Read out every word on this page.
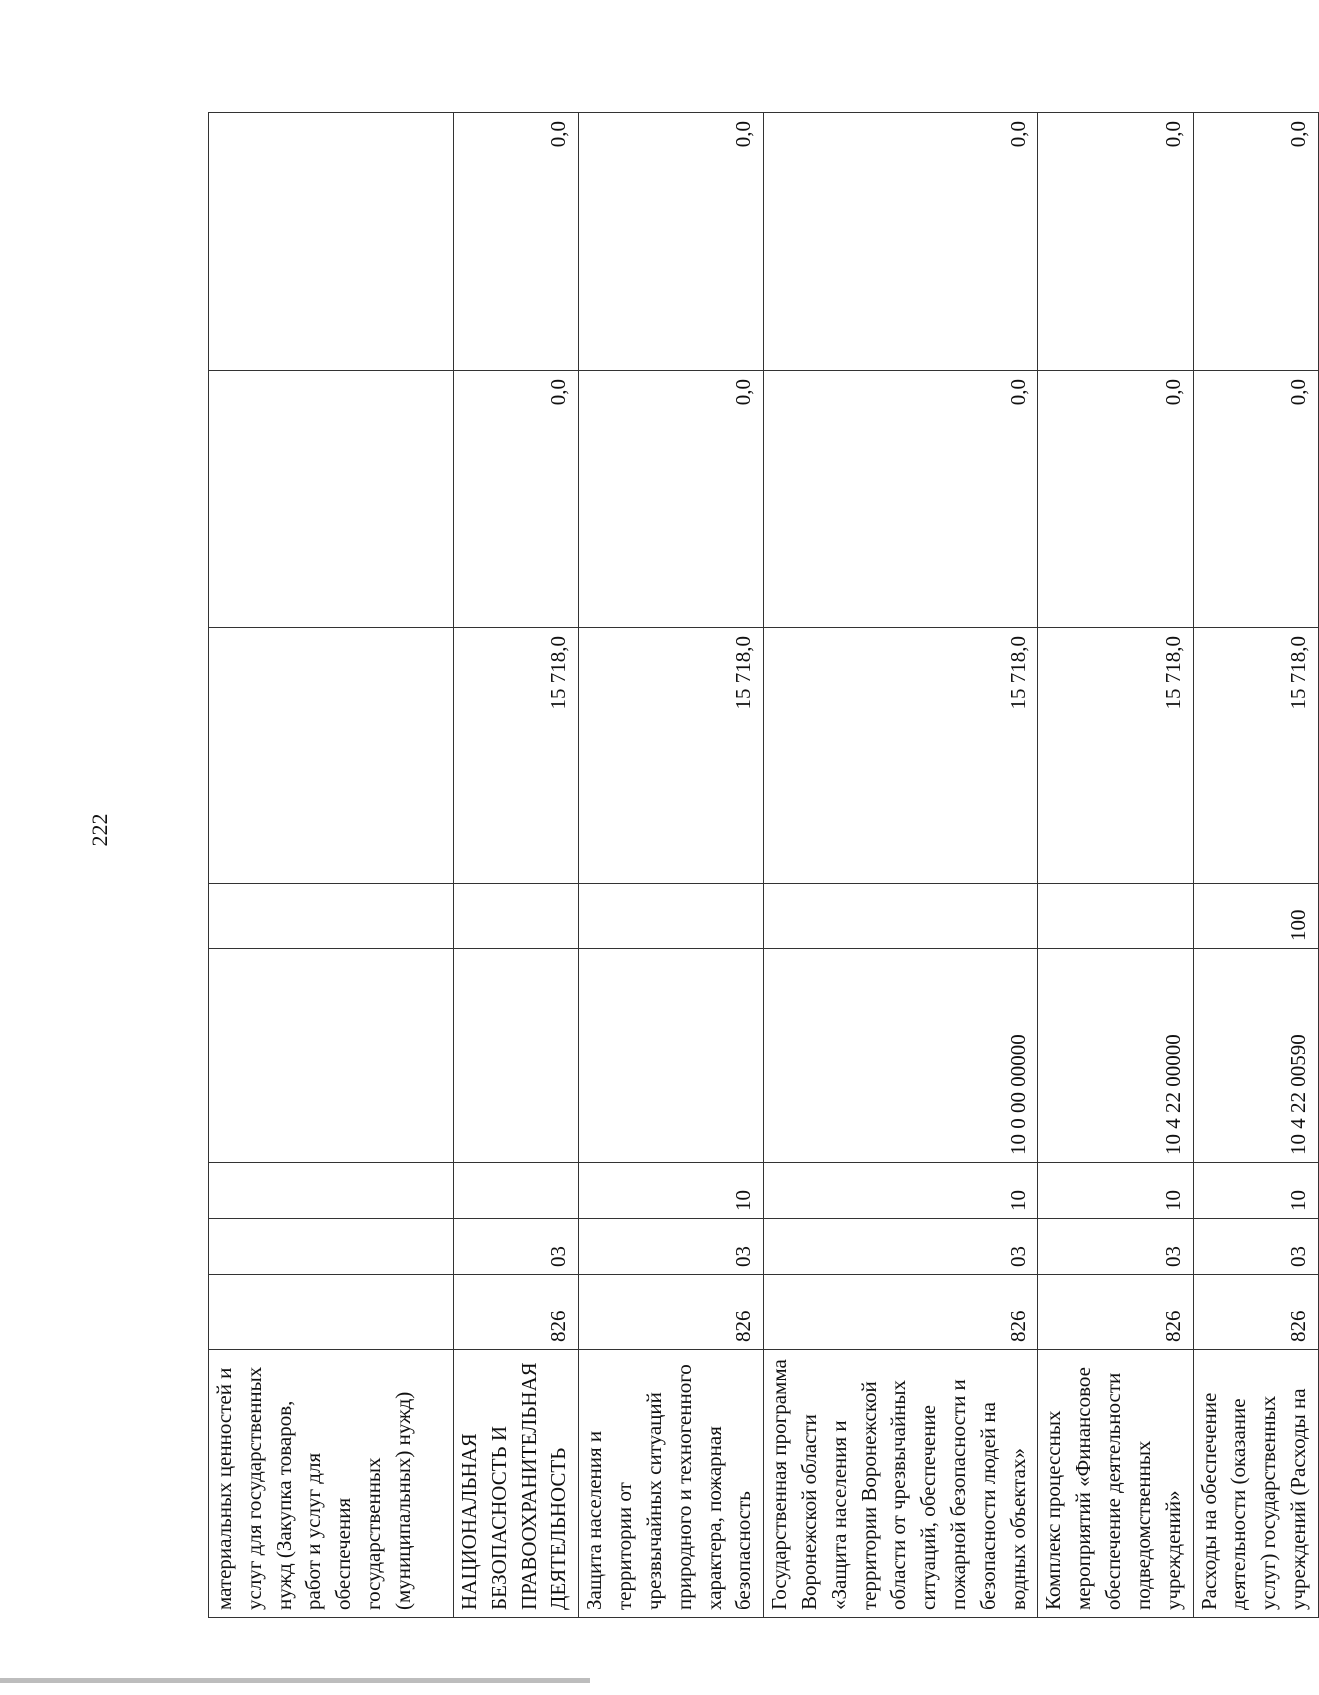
222
материальных ценностей и услуг для государственных нужд (Закупка товаров, работ и услуг для обеспечения государственных (муниципальных) нужд)								
НАЦИОНАЛЬНАЯ БЕЗОПАСНОСТЬ И ПРАВООХРАНИТЕЛЬНАЯ ДЕЯТЕЛЬНОСТЬ	826	03				15 718,0	0,0	0,0
Защита населения и территории от чрезвычайных ситуаций природного и техногенного характера, пожарная безопасность	826	03	10			15 718,0	0,0	0,0
Государственная программа Воронежской области «Защита населения и территории Воронежской области от чрезвычайных ситуаций, обеспечение пожарной безопасности и безопасности людей на водных объектах»	826	03	10	10 0 00 00000		15 718,0	0,0	0,0
Комплекс процессных мероприятий «Финансовое обеспечение деятельности подведомственных учреждений»	826	03	10	10 4 22 00000		15 718,0	0,0	0,0
Расходы на обеспечение деятельности (оказание услуг) государственных учреждений (Расходы на	826	03	10	10 4 22 00590	100	15 718,0	0,0	0,0
